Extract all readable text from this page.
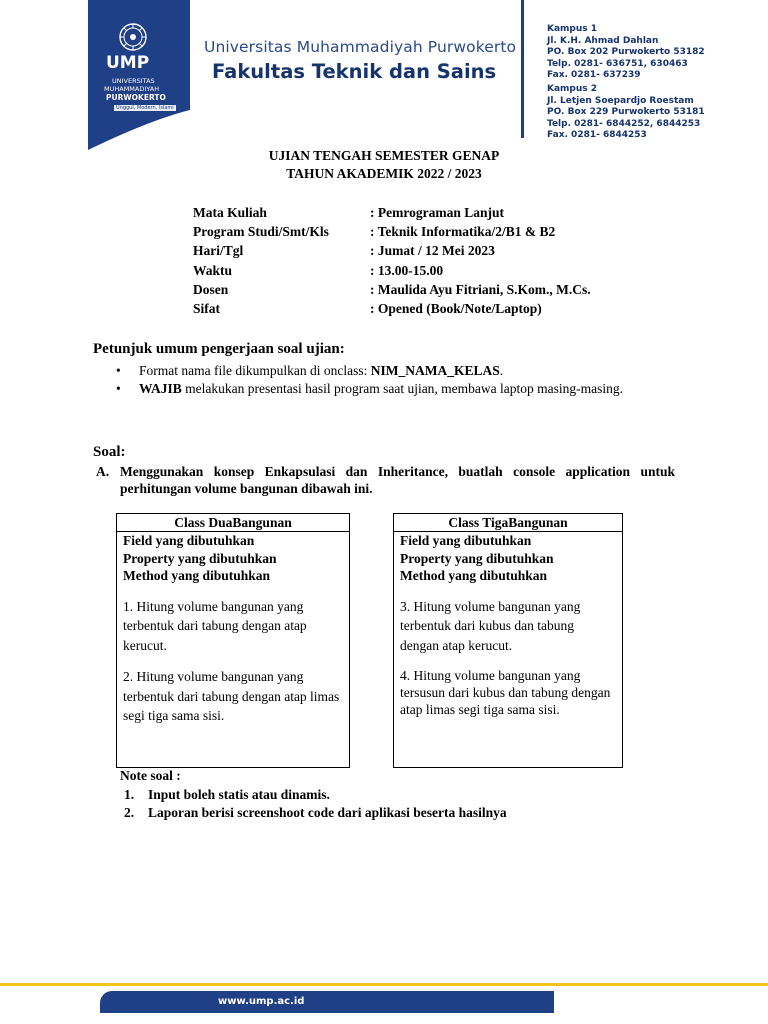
UMP
UNIVERSITAS
MUHAMMADIYAH
PURWOKERTO
Unggul, Modern, Islami
Universitas Muhammadiyah Purwokerto
Fakultas Teknik dan Sains
Kampus 1
Jl. K.H. Ahmad Dahlan
PO. Box 202 Purwokerto 53182
Telp. 0281- 636751, 630463
Fax. 0281- 637239
Kampus 2
Jl. Letjen Soepardjo Roestam
PO. Box 229 Purwokerto 53181
Telp. 0281- 6844252, 6844253
Fax. 0281- 6844253
UJIAN TENGAH SEMESTER GENAP
TAHUN AKADEMIK 2022 / 2023
Mata Kuliah	: Pemrograman Lanjut
Program Studi/Smt/Kls	: Teknik Informatika/2/B1 & B2
Hari/Tgl	: Jumat / 12 Mei 2023
Waktu	: 13.00-15.00
Dosen	: Maulida Ayu Fitriani, S.Kom., M.Cs.
Sifat	: Opened (Book/Note/Laptop)
Petunjuk umum pengerjaan soal ujian:
• Format nama file dikumpulkan di onclass: NIM_NAMA_KELAS.
• WAJIB melakukan presentasi hasil program saat ujian, membawa laptop masing-masing.
Soal:
A. Menggunakan konsep Enkapsulasi dan Inheritance, buatlah console application untuk perhitungan volume bangunan dibawah ini.
Class DuaBangunan
Field yang dibutuhkan
Property yang dibutuhkan
Method yang dibutuhkan
1. Hitung volume bangunan yang terbentuk dari tabung dengan atap kerucut.
2. Hitung volume bangunan yang terbentuk dari tabung dengan atap limas segi tiga sama sisi.
Class TigaBangunan
Field yang dibutuhkan
Property yang dibutuhkan
Method yang dibutuhkan
3. Hitung volume bangunan yang terbentuk dari kubus dan tabung dengan atap kerucut.
4. Hitung volume bangunan yang tersusun dari kubus dan tabung dengan atap limas segi tiga sama sisi.
Note soal :
1. Input boleh statis atau dinamis.
2. Laporan berisi screenshoot code dari aplikasi beserta hasilnya
www.ump.ac.id
